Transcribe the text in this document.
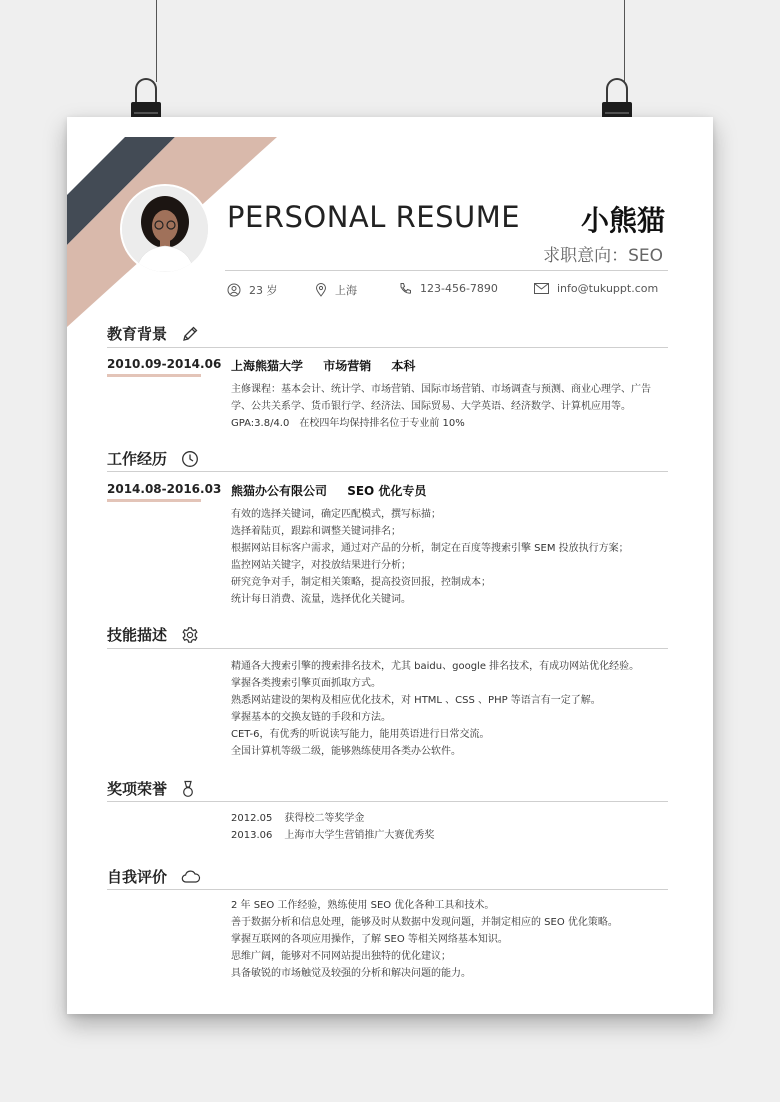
PERSONAL RESUME 小熊猫
求职意向：SEO
23 岁	上海	123-456-7890	info@tukuppt.com
教育背景
2010.09-2014.06 上海熊猫大学 市场营销 本科
主修课程：基本会计、统计学、市场营销、国际市场营销、市场调查与预测、商业心理学、广告学、公共关系学、货币银行学、经济法、国际贸易、大学英语、经济数学、计算机应用等。
GPA:3.8/4.0　在校四年均保持排名位于专业前 10%
工作经历
2014.08-2016.03 熊猫办公有限公司 SEO 优化专员
有效的选择关键词，确定匹配模式，撰写标描；
选择着陆页，跟踪和调整关键词排名；
根据网站目标客户需求，通过对产品的分析，制定在百度等搜索引擎 SEM 投放执行方案；
监控网站关键字，对投放结果进行分析；
研究竞争对手，制定相关策略，提高投资回报，控制成本；
统计每日消费、流量，选择优化关键词。
技能描述
精通各大搜索引擎的搜索排名技术，尤其 baidu、google 排名技术，有成功网站优化经验。
掌握各类搜索引擎页面抓取方式。
熟悉网站建设的架构及相应优化技术，对 HTML 、CSS 、PHP 等语言有一定了解。
掌握基本的交换友链的手段和方法。
CET-6，有优秀的听说读写能力，能用英语进行日常交流。
全国计算机等级二级，能够熟练使用各类办公软件。
奖项荣誉
2012.05 获得校二等奖学金
2013.06 上海市大学生营销推广大赛优秀奖
自我评价
2 年 SEO 工作经验，熟练使用 SEO 优化各种工具和技术。
善于数据分析和信息处理，能够及时从数据中发现问题，并制定相应的 SEO 优化策略。
掌握互联网的各项应用操作，了解 SEO 等相关网络基本知识。
思维广阔，能够对不同网站提出独特的优化建议；
具备敏锐的市场触觉及较强的分析和解决问题的能力。
